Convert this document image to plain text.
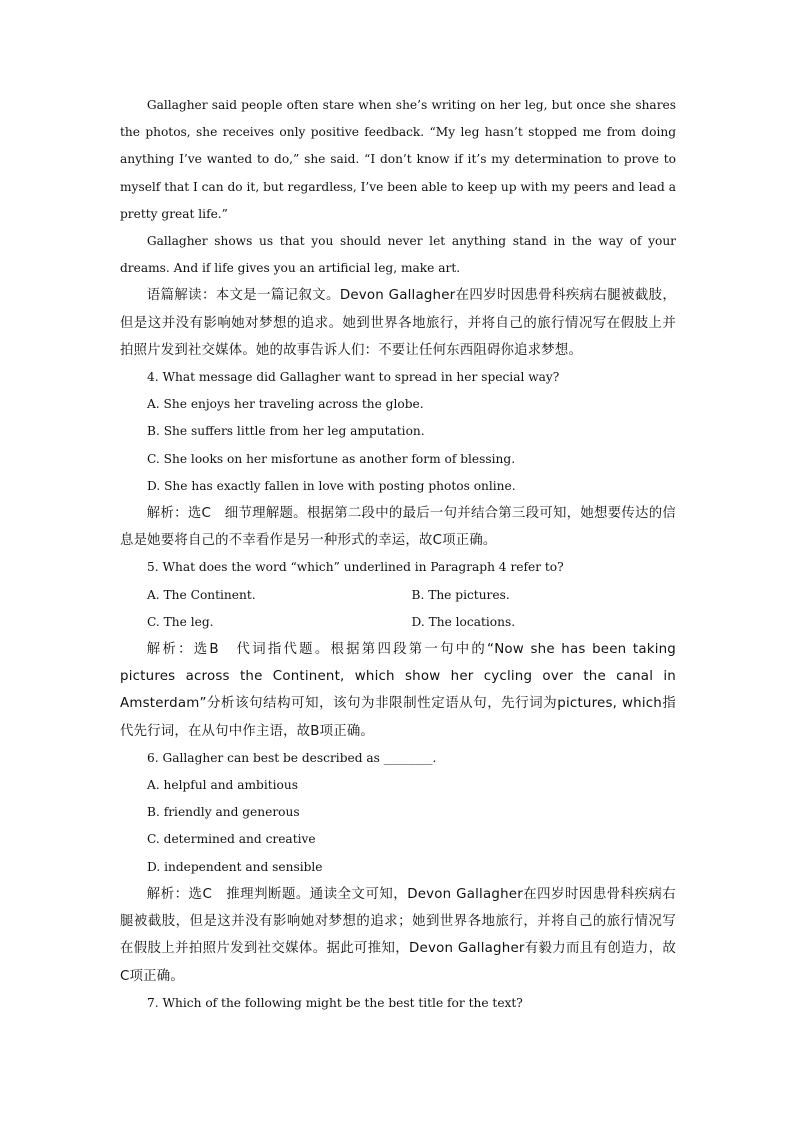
Gallagher said people often stare when she’s writing on her leg, but once she shares the photos, she receives only positive feedback. “My leg hasn’t stopped me from doing anything I’ve wanted to do,” she said. “I don’t know if it’s my determination to prove to myself that I can do it, but regardless, I’ve been able to keep up with my peers and lead a pretty great life.”

Gallagher shows us that you should never let anything stand in the way of your dreams. And if life gives you an artificial leg, make art.

语篇解读：本文是一篇记叙文。Devon Gallagher在四岁时因患骨科疾病右腿被截肢，但是这并没有影响她对梦想的追求。她到世界各地旅行，并将自己的旅行情况写在假肢上并拍照片发到社交媒体。她的故事告诉人们：不要让任何东西阻碍你追求梦想。

4. What message did Gallagher want to spread in her special way?

A. She enjoys her traveling across the globe.

B. She suffers little from her leg amputation.

C. She looks on her misfortune as another form of blessing.

D. She has exactly fallen in love with posting photos online.

解析：选C　细节理解题。根据第二段中的最后一句并结合第三段可知，她想要传达的信息是她要将自己的不幸看作是另一种形式的幸运，故C项正确。

5. What does the word “which” underlined in Paragraph 4 refer to?

A. The Continent.	B. The pictures.
C. The leg.	D. The locations.

解析：选B　代词指代题。根据第四段第一句中的“Now she has been taking pictures across the Continent, which show her cycling over the canal in Amsterdam”分析该句结构可知，该句为非限制性定语从句，先行词为pictures, which指代先行词，在从句中作主语，故B项正确。

6. Gallagher can best be described as ________.

A. helpful and ambitious

B. friendly and generous

C. determined and creative

D. independent and sensible

解析：选C　推理判断题。通读全文可知，Devon Gallagher在四岁时因患骨科疾病右腿被截肢，但是这并没有影响她对梦想的追求；她到世界各地旅行，并将自己的旅行情况写在假肢上并拍照片发到社交媒体。据此可推知，Devon Gallagher有毅力而且有创造力，故C项正确。

7. Which of the following might be the best title for the text?
